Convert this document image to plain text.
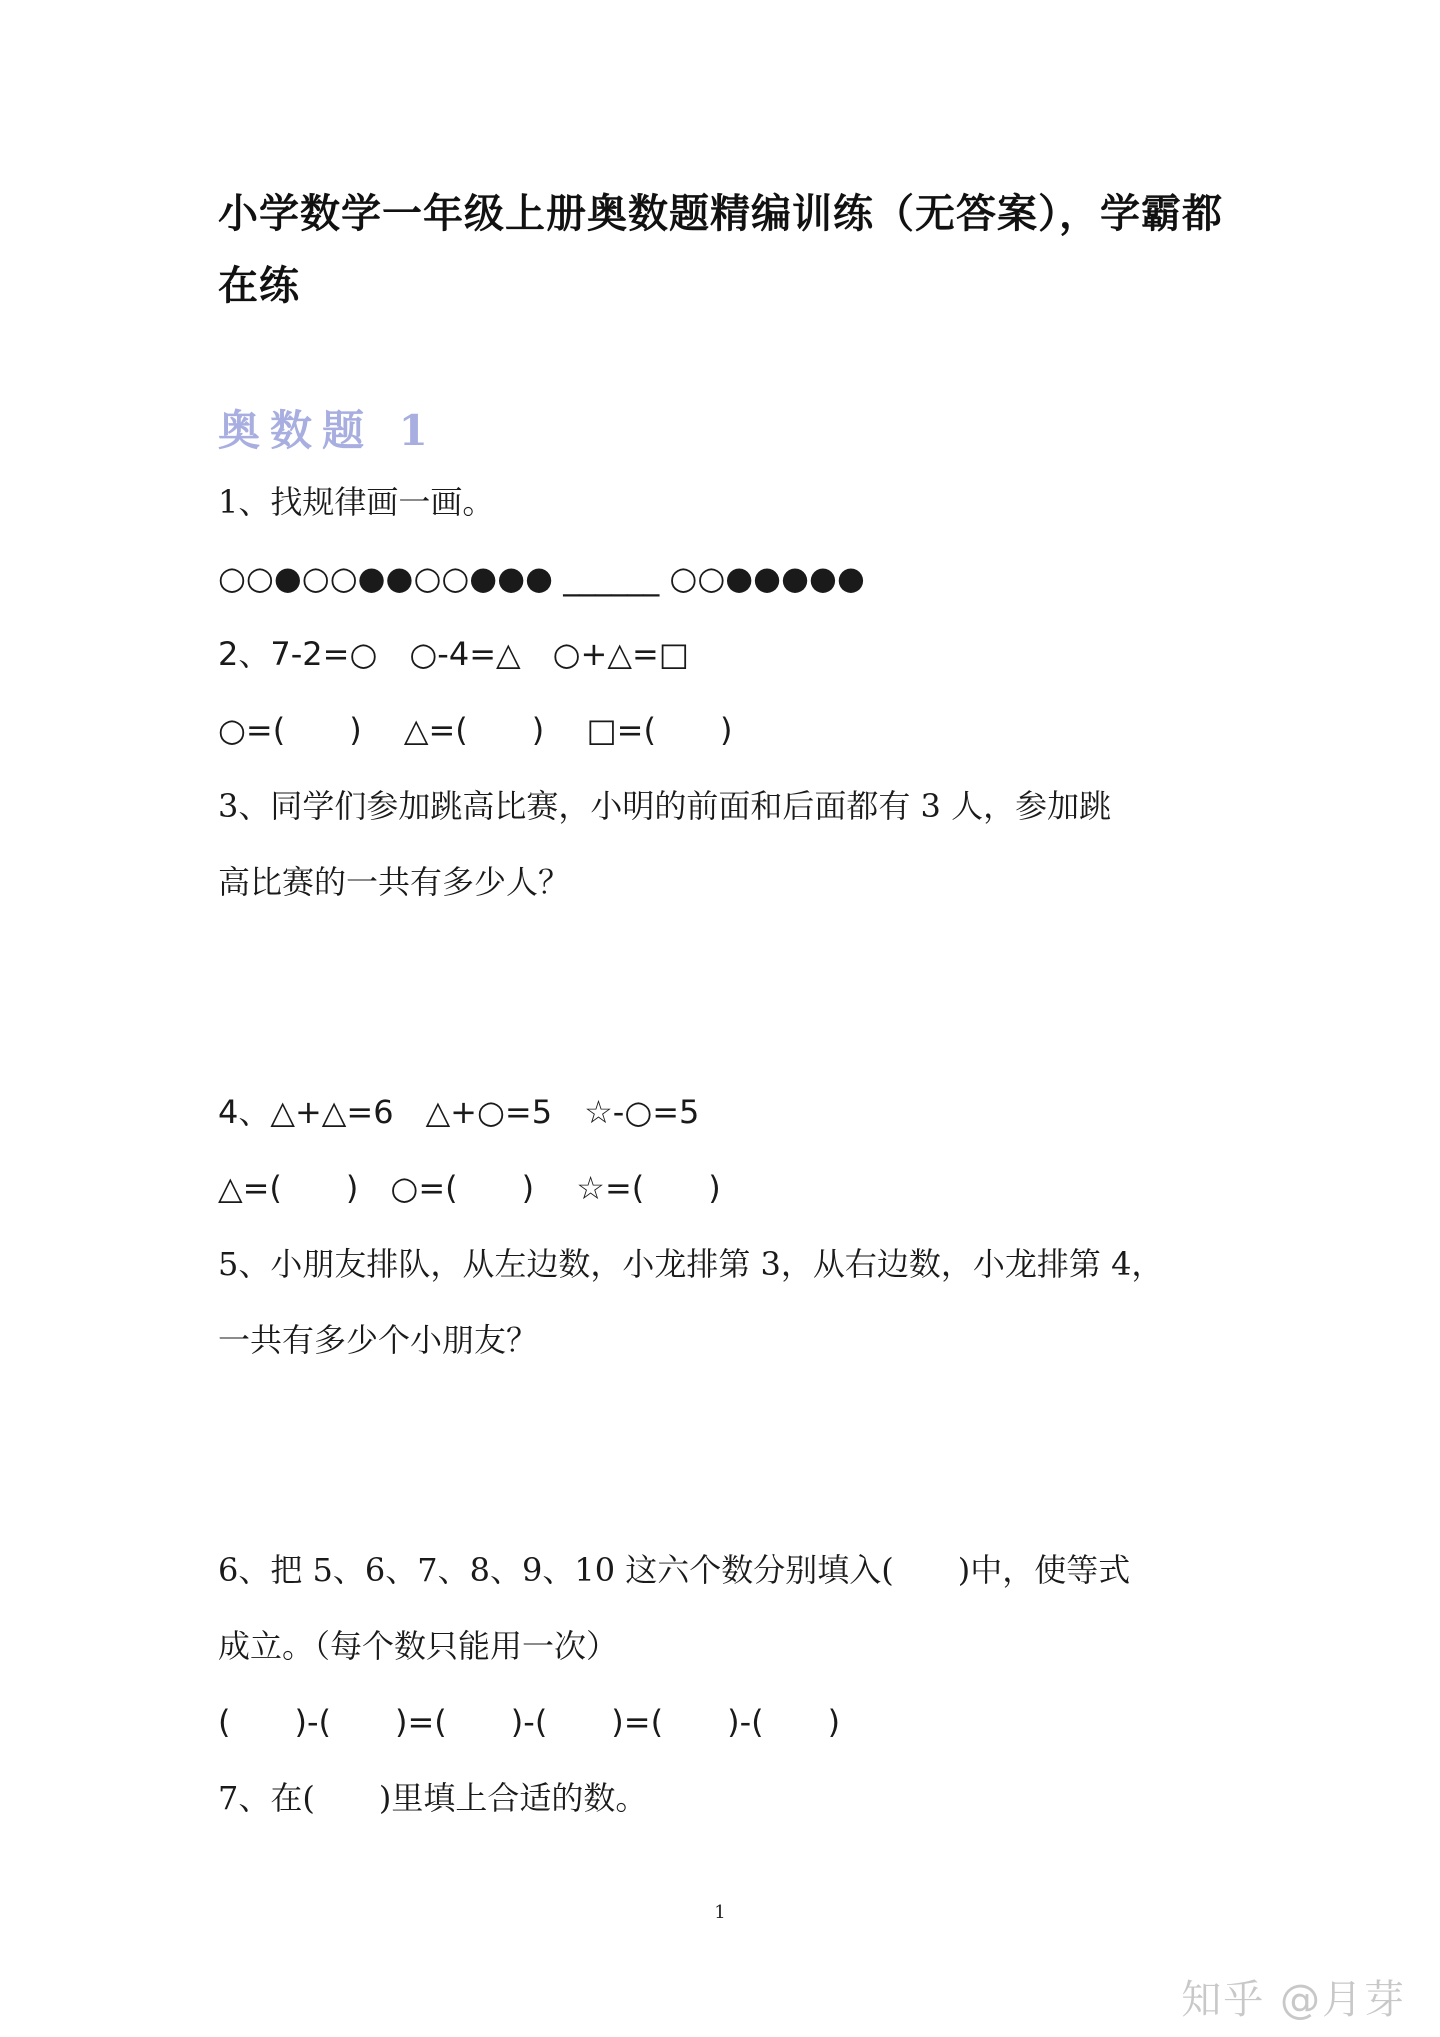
小学数学一年级上册奥数题精编训练（无答案），学霸都在练
奥数题 1
1、找规律画一画。
○○●○○●●○○●●● ______ ○○●●●●●
2、7-2=○　○-4=△　○+△=□
○=(　　)　 △=(　　)　 □=(　　)
3、同学们参加跳高比赛，小明的前面和后面都有 3 人，参加跳
高比赛的一共有多少人？
4、△+△=6　△+○=5　☆-○=5
△=(　　)　○=(　　)　 ☆=(　　)
5、小朋友排队，从左边数，小龙排第 3，从右边数，小龙排第 4，
一共有多少个小朋友？
6、把 5、6、7、8、9、10 这六个数分别填入(　　)中，使等式
成立。（每个数只能用一次）
(　　)-(　　)=(　　)-(　　)=(　　)-(　　)
7、在(　　)里填上合适的数。
1
知乎 @月芽
